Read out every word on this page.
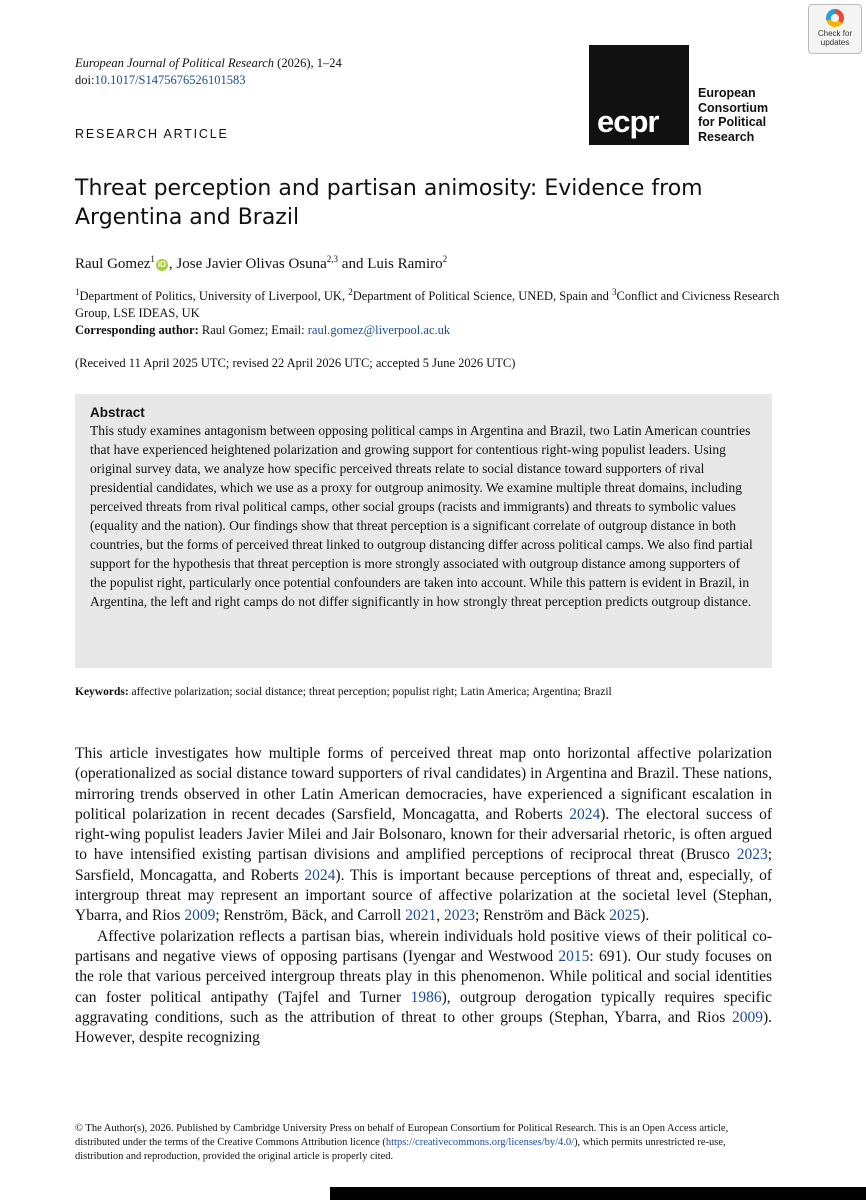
Check for
updates
European Journal of Political Research (2026), 1–24
doi:10.1017/S1475676526101583
RESEARCH ARTICLE	ecpr
European
Consortium
for Political
Research
Threat perception and partisan animosity: Evidence from Argentina and Brazil
Raul Gomez$^1$iD , Jose Javier Olivas Osuna$^{2,3}$ and Luis Ramiro$^2$
$^1$Department of Politics, University of Liverpool, UK, $^2$Department of Political Science, UNED, Spain and $^3$Conflict and Civicness Research Group, LSE IDEAS, UK
Corresponding author: Raul Gomez; Email: raul.gomez@liverpool.ac.uk
(Received 11 April 2025 UTC; revised 22 April 2026 UTC; accepted 5 June 2026 UTC)
Abstract

This study examines antagonism between opposing political camps in Argentina and Brazil, two Latin American countries that have experienced heightened polarization and growing support for contentious right-wing populist leaders. Using original survey data, we analyze how specific perceived threats relate to social distance toward supporters of rival presidential candidates, which we use as a proxy for outgroup animosity. We examine multiple threat domains, including perceived threats from rival political camps, other social groups (racists and immigrants) and threats to symbolic values (equality and the nation). Our findings show that threat perception is a significant correlate of outgroup distance in both countries, but the forms of perceived threat linked to outgroup distancing differ across political camps. We also find partial support for the hypothesis that threat perception is more strongly associated with outgroup distance among supporters of the populist right, particularly once potential confounders are taken into account. While this pattern is evident in Brazil, in Argentina, the left and right camps do not differ significantly in how strongly threat perception predicts outgroup distance.

Keywords: affective polarization; social distance; threat perception; populist right; Latin America; Argentina; Brazil

This article investigates how multiple forms of perceived threat map onto horizontal affective polarization (operationalized as social distance toward supporters of rival candidates) in Argentina and Brazil. These nations, mirroring trends observed in other Latin American democracies, have experienced a significant escalation in political polarization in recent decades (Sarsfield, Moncagatta, and Roberts 2024). The electoral success of right-wing populist leaders Javier Milei and Jair Bolsonaro, known for their adversarial rhetoric, is often argued to have intensified existing partisan divisions and amplified perceptions of reciprocal threat (Brusco 2023; Sarsfield, Moncagatta, and Roberts 2024). This is important because perceptions of threat and, especially, of intergroup threat may represent an important source of affective polarization at the societal level (Stephan, Ybarra, and Rios 2009; Renström, Bäck, and Carroll 2021, 2023; Renström and Bäck 2025).

Affective polarization reflects a partisan bias, wherein individuals hold positive views of their political co-partisans and negative views of opposing partisans (Iyengar and Westwood 2015: 691). Our study focuses on the role that various perceived intergroup threats play in this phenomenon. While political and social identities can foster political antipathy (Tajfel and Turner 1986), outgroup derogation typically requires specific aggravating conditions, such as the attribution of threat to other groups (Stephan, Ybarra, and Rios 2009). However, despite recognizing

© The Author(s), 2026. Published by Cambridge University Press on behalf of European Consortium for Political Research. This is an Open Access article, distributed under the terms of the Creative Commons Attribution licence (https://creativecommons.org/licenses/by/4.0/), which permits unrestricted re-use, distribution and reproduction, provided the original article is properly cited.
